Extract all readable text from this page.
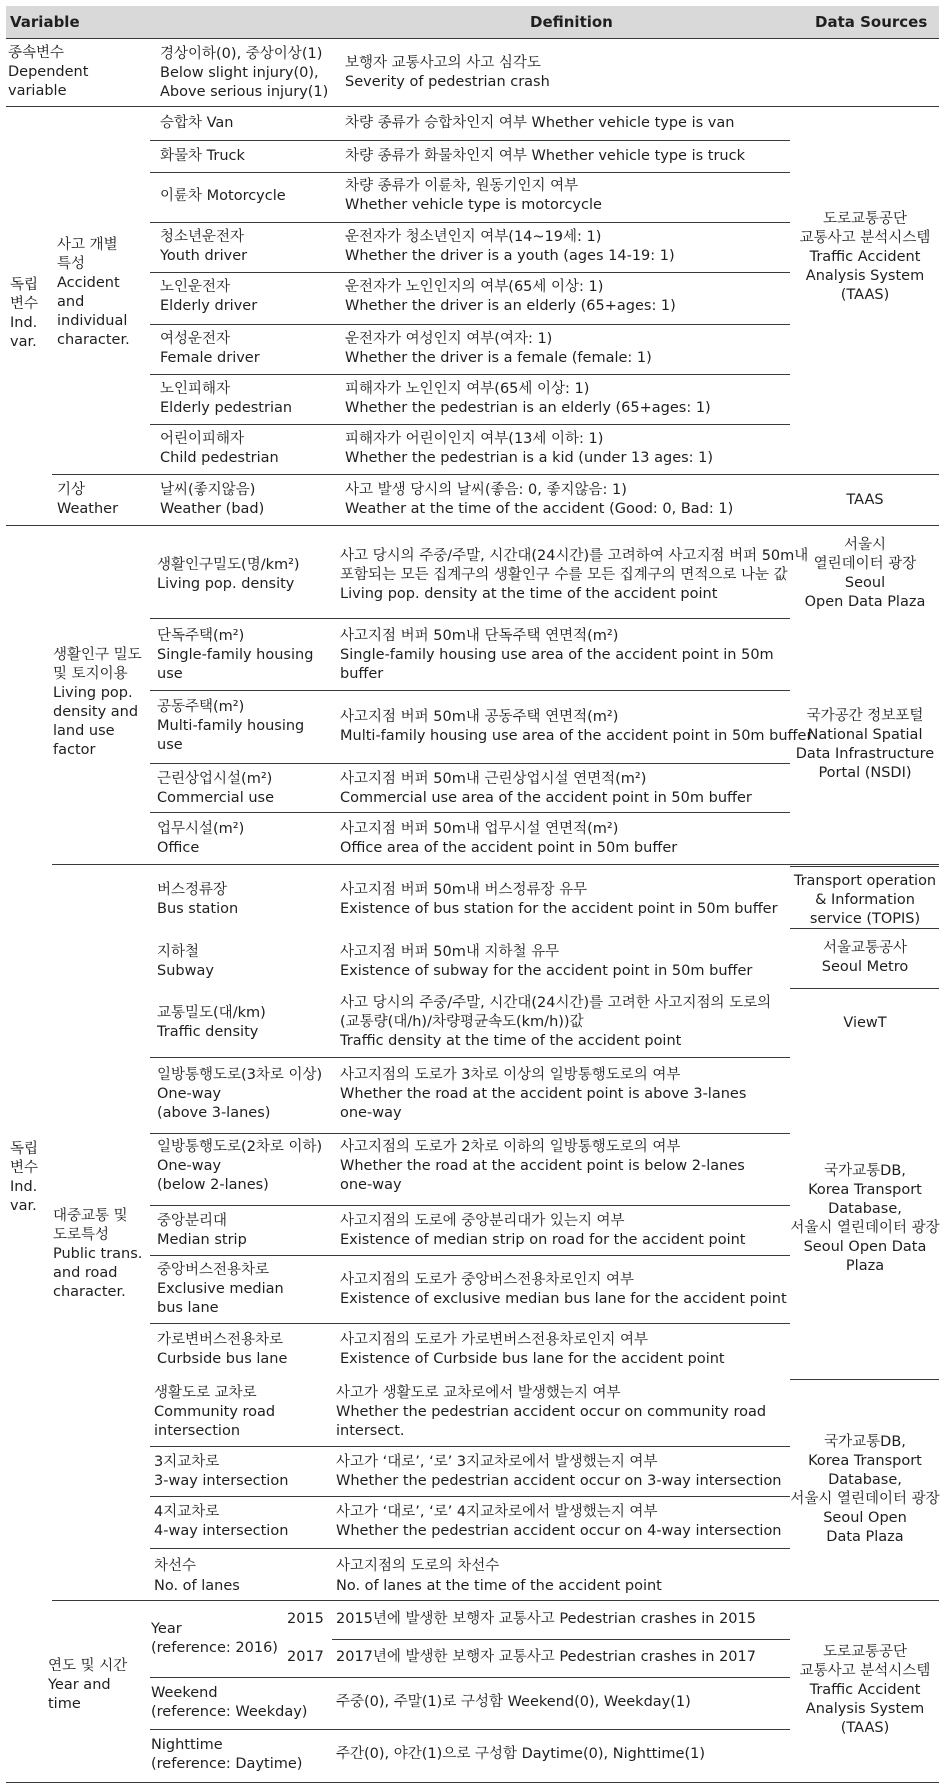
Variable	Definition	Data Sources
종속변수
Dependent
variable
독립
변수
Ind.
var.
독립
변수
Ind.
var.
사고 개별
특성
Accident
and
individual
character.
기상
Weather
생활인구 밀도
및 토지이용
Living pop.
density and
land use
factor
대중교통 및
도로특성
Public trans.
and road
character.
연도 및 시간
Year and
time
경상이하(0), 중상이상(1)
Below slight injury(0),
Above serious injury(1)
승합차 Van
화물차 Truck
이륜차 Motorcycle
청소년운전자
Youth driver
노인운전자
Elderly driver
여성운전자
Female driver
노인피해자
Elderly pedestrian
어린이피해자
Child pedestrian
날씨(좋지않음)
Weather (bad)
생활인구밀도(명/km²)
Living pop. density
단독주택(m²)
Single-family housing
use
공동주택(m²)
Multi-family housing
use
근린상업시설(m²)
Commercial use
업무시설(m²)
Office
버스정류장
Bus station
지하철
Subway
교통밀도(대/km)
Traffic density
일방통행도로(3차로 이상)
One-way
(above 3-lanes)
일방통행도로(2차로 이하)
One-way
(below 2-lanes)
중앙분리대
Median strip
중앙버스전용차로
Exclusive median
bus lane
가로변버스전용차로
Curbside bus lane
생활도로 교차로
Community road
intersection
3지교차로
3-way intersection
4지교차로
4-way intersection
차선수
No. of lanes
Year
(reference: 2016)
2015
2017
Weekend
(reference: Weekday)
Nighttime
(reference: Daytime)
보행자 교통사고의 사고 심각도
Severity of pedestrian crash
차량 종류가 승합차인지 여부 Whether vehicle type is van
차량 종류가 화물차인지 여부 Whether vehicle type is truck
차량 종류가 이륜차, 원동기인지 여부
Whether vehicle type is motorcycle
운전자가 청소년인지 여부(14~19세: 1)
Whether the driver is a youth (ages 14-19: 1)
운전자가 노인인지의 여부(65세 이상: 1)
Whether the driver is an elderly (65+ages: 1)
운전자가 여성인지 여부(여자: 1)
Whether the driver is a female (female: 1)
피해자가 노인인지 여부(65세 이상: 1)
Whether the pedestrian is an elderly (65+ages: 1)
피해자가 어린이인지 여부(13세 이하: 1)
Whether the pedestrian is a kid (under 13 ages: 1)
사고 발생 당시의 날씨(좋음: 0, 좋지않음: 1)
Weather at the time of the accident (Good: 0, Bad: 1)
사고 당시의 주중/주말, 시간대(24시간)를 고려하여 사고지점 버퍼 50m내
포함되는 모든 집계구의 생활인구 수를 모든 집계구의 면적으로 나눈 값
Living pop. density at the time of the accident point
사고지점 버퍼 50m내 단독주택 연면적(m²)
Single-family housing use area of the accident point in 50m
buffer
사고지점 버퍼 50m내 공동주택 연면적(m²)
Multi-family housing use area of the accident point in 50m buffer
사고지점 버퍼 50m내 근린상업시설 연면적(m²)
Commercial use area of the accident point in 50m buffer
사고지점 버퍼 50m내 업무시설 연면적(m²)
Office area of the accident point in 50m buffer
사고지점 버퍼 50m내 버스정류장 유무
Existence of bus station for the accident point in 50m buffer
사고지점 버퍼 50m내 지하철 유무
Existence of subway for the accident point in 50m buffer
사고 당시의 주중/주말, 시간대(24시간)를 고려한 사고지점의 도로의
(교통량(대/h)/차량평균속도(km/h))값
Traffic density at the time of the accident point
사고지점의 도로가 3차로 이상의 일방통행도로의 여부
Whether the road at the accident point is above 3-lanes
one-way
사고지점의 도로가 2차로 이하의 일방통행도로의 여부
Whether the road at the accident point is below 2-lanes
one-way
사고지점의 도로에 중앙분리대가 있는지 여부
Existence of median strip on road for the accident point
사고지점의 도로가 중앙버스전용차로인지 여부
Existence of exclusive median bus lane for the accident point
사고지점의 도로가 가로변버스전용차로인지 여부
Existence of Curbside bus lane for the accident point
사고가 생활도로 교차로에서 발생했는지 여부
Whether the pedestrian accident occur on community road
intersect.
사고가 ‘대로’, ‘로’ 3지교차로에서 발생했는지 여부
Whether the pedestrian accident occur on 3-way intersection
사고가 ‘대로’, ‘로’ 4지교차로에서 발생했는지 여부
Whether the pedestrian accident occur on 4-way intersection
사고지점의 도로의 차선수
No. of lanes at the time of the accident point
2015년에 발생한 보행자 교통사고 Pedestrian crashes in 2015
2017년에 발생한 보행자 교통사고 Pedestrian crashes in 2017
주중(0), 주말(1)로 구성함 Weekend(0), Weekday(1)
주간(0), 야간(1)으로 구성함 Daytime(0), Nighttime(1)
도로교통공단
교통사고 분석시스템
Traffic Accident
Analysis System
(TAAS)
TAAS
서울시
열린데이터 광장
Seoul
Open Data Plaza
국가공간 정보포털
National Spatial
Data Infrastructure
Portal (NSDI)
Transport operation
& Information
service (TOPIS)
서울교통공사
Seoul Metro
ViewT
국가교통DB,
Korea Transport
Database,
서울시 열린데이터 광장
Seoul Open Data
Plaza
국가교통DB,
Korea Transport
Database,
서울시 열린데이터 광장
Seoul Open
Data Plaza
도로교통공단
교통사고 분석시스템
Traffic Accident
Analysis System
(TAAS)
